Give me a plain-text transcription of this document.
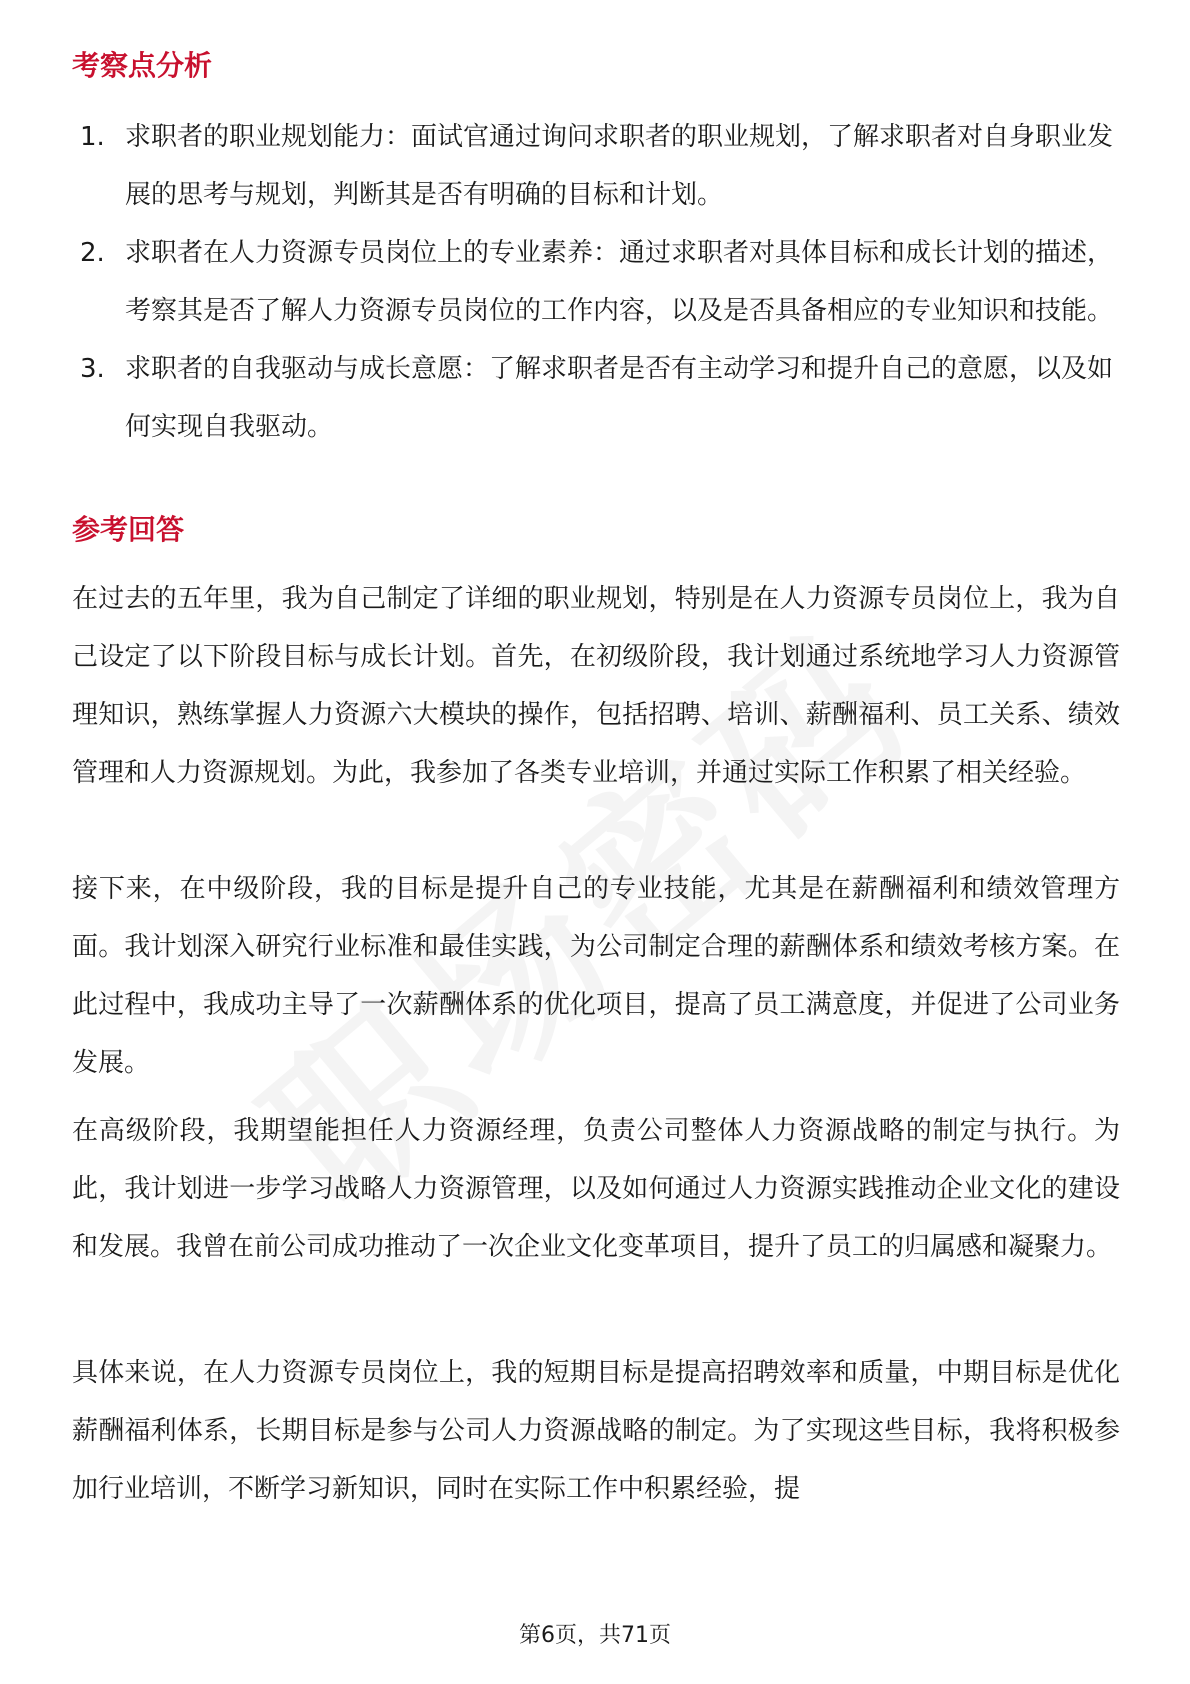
考察点分析
1. 求职者的职业规划能力：面试官通过询问求职者的职业规划，了解求职者对自身职业发展的思考与规划，判断其是否有明确的目标和计划。
2. 求职者在人力资源专员岗位上的专业素养：通过求职者对具体目标和成长计划的描述，考察其是否了解人力资源专员岗位的工作内容，以及是否具备相应的专业知识和技能。
3. 求职者的自我驱动与成长意愿：了解求职者是否有主动学习和提升自己的意愿，以及如何实现自我驱动。
参考回答

在过去的五年里，我为自己制定了详细的职业规划，特别是在人力资源专员岗位上，我为自己设定了以下阶段目标与成长计划。首先，在初级阶段，我计划通过系统地学习人力资源管理知识，熟练掌握人力资源六大模块的操作，包括招聘、培训、薪酬福利、员工关系、绩效管理和人力资源规划。为此，我参加了各类专业培训，并通过实际工作积累了相关经验。

接下来，在中级阶段，我的目标是提升自己的专业技能，尤其是在薪酬福利和绩效管理方面。我计划深入研究行业标准和最佳实践，为公司制定合理的薪酬体系和绩效考核方案。在此过程中，我成功主导了一次薪酬体系的优化项目，提高了员工满意度，并促进了公司业务发展。

在高级阶段，我期望能担任人力资源经理，负责公司整体人力资源战略的制定与执行。为此，我计划进一步学习战略人力资源管理，以及如何通过人力资源实践推动企业文化的建设和发展。我曾在前公司成功推动了一次企业文化变革项目，提升了员工的归属感和凝聚力。

具体来说，在人力资源专员岗位上，我的短期目标是提高招聘效率和质量，中期目标是优化薪酬福利体系，长期目标是参与公司人力资源战略的制定。为了实现这些目标，我将积极参加行业培训，不断学习新知识，同时在实际工作中积累经验，提

第6页，共71页
